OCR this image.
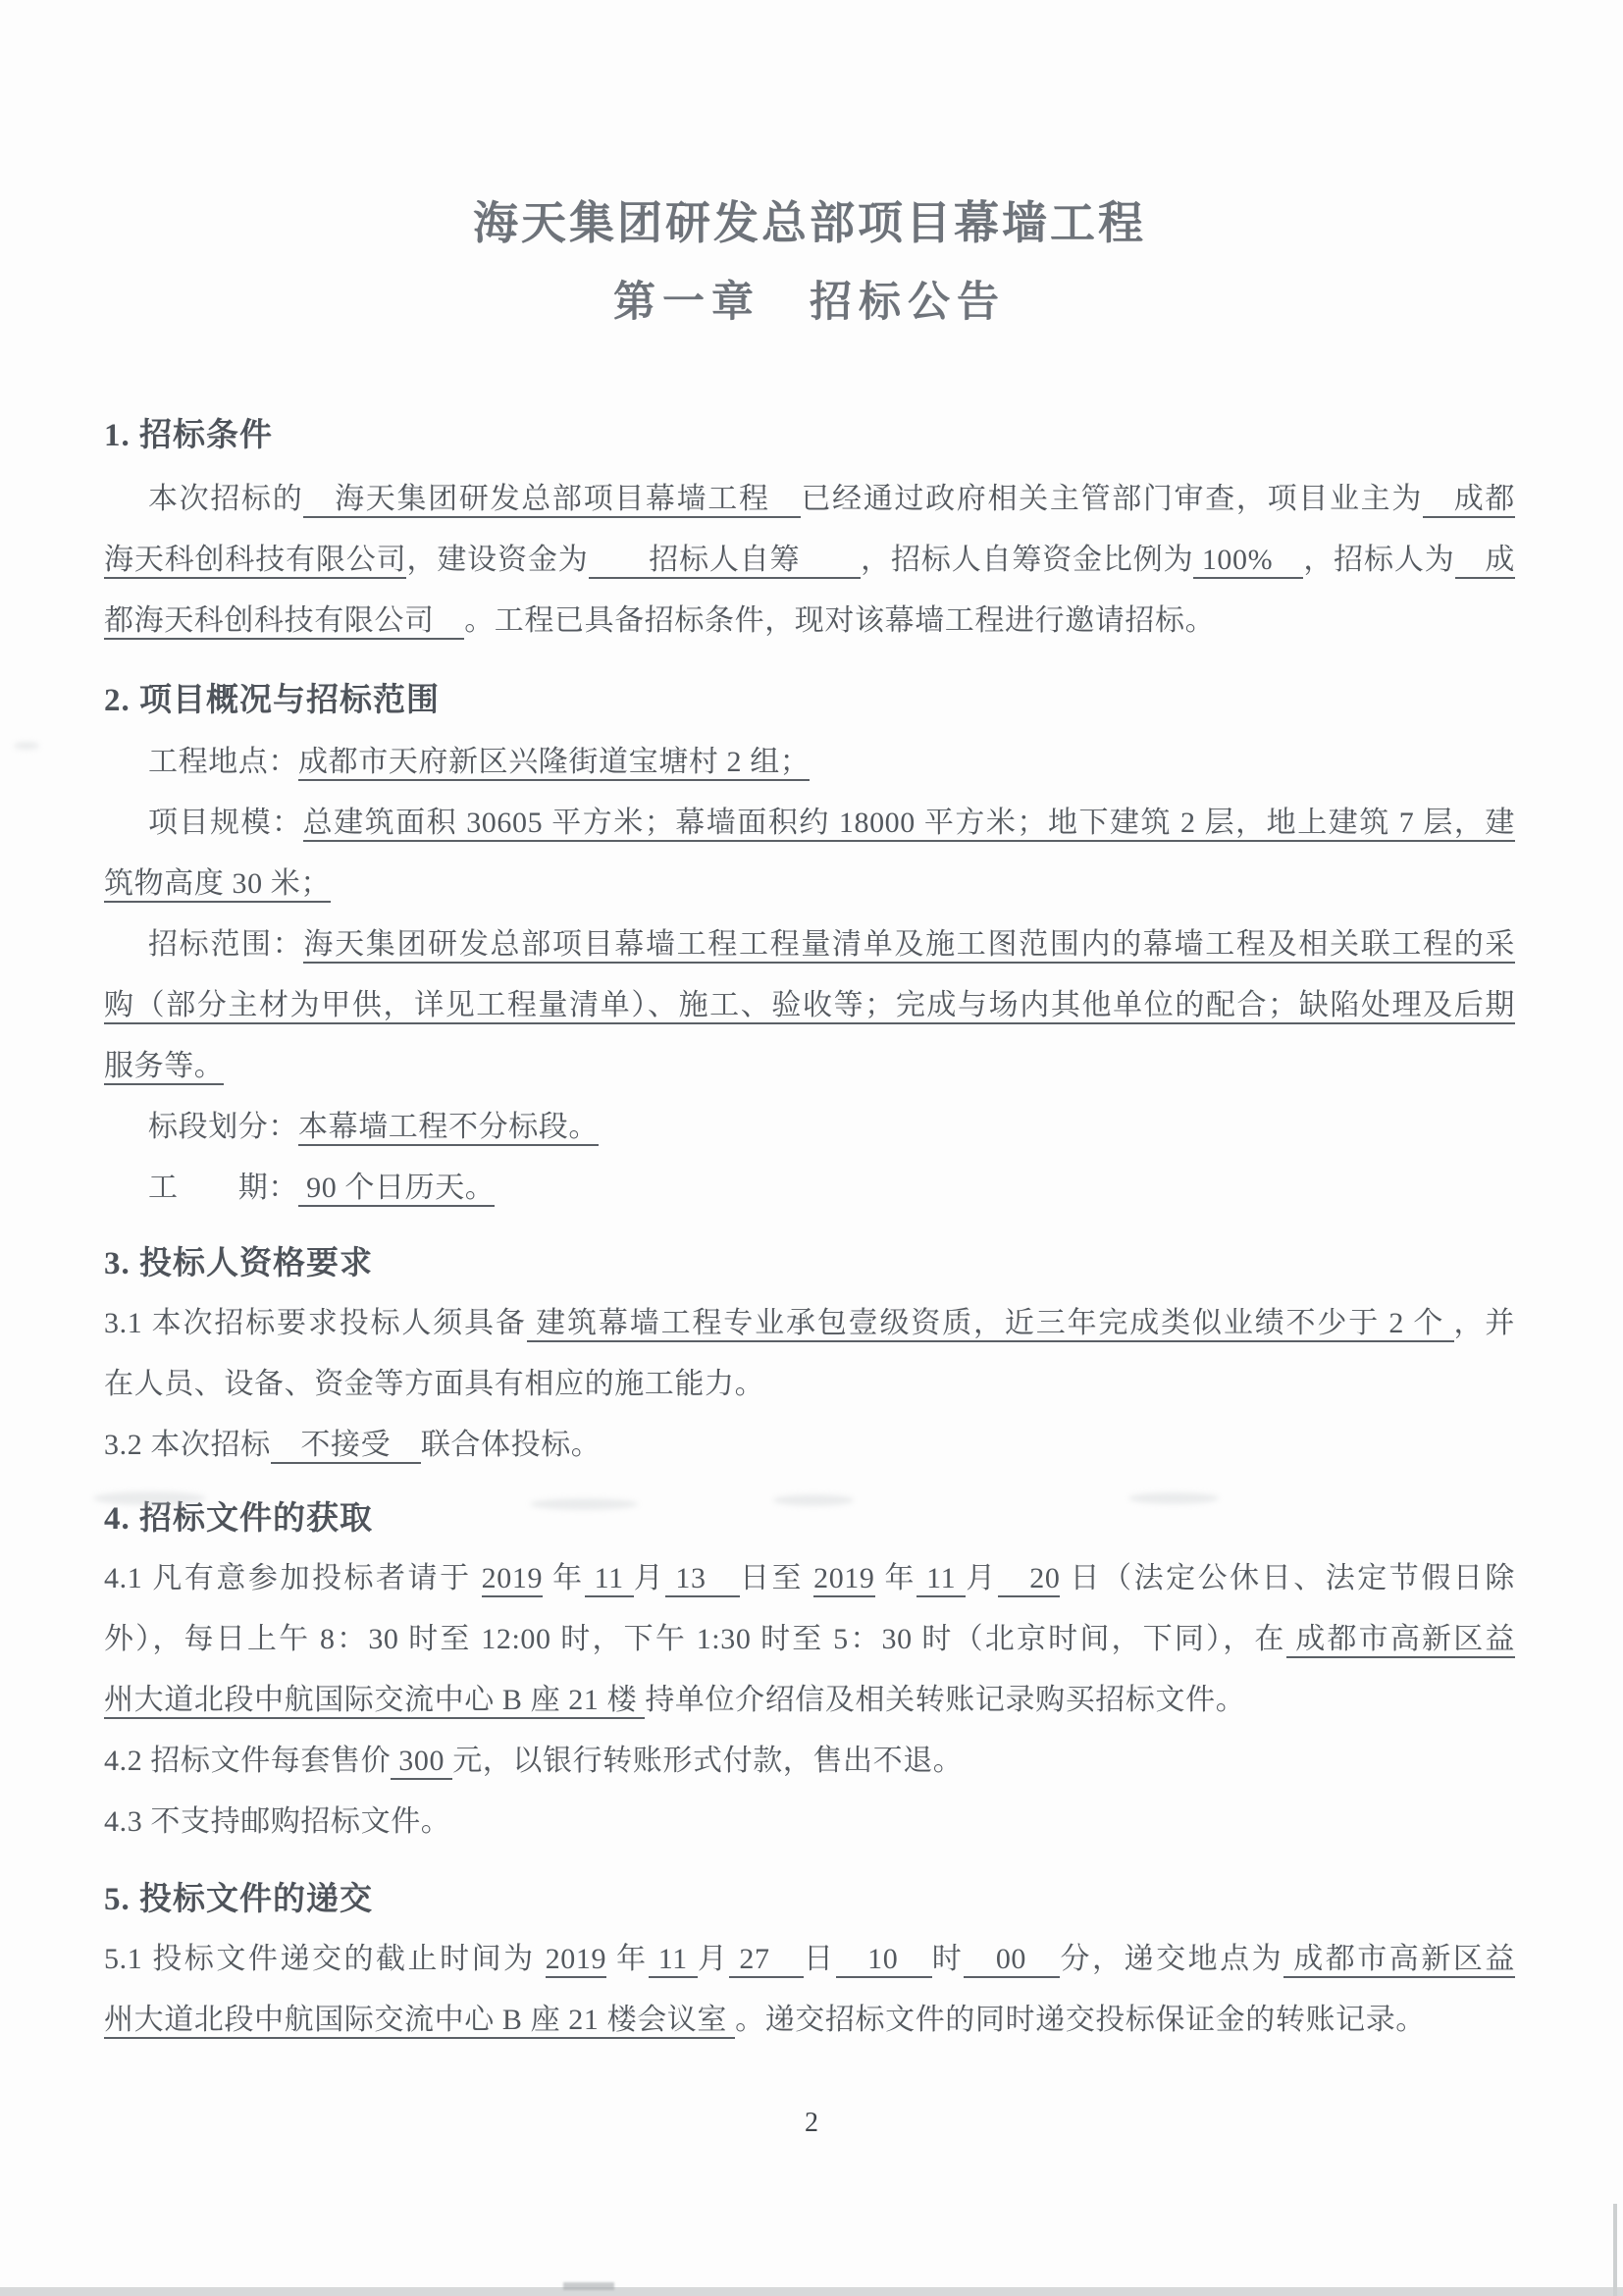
海天集团研发总部项目幕墙工程
第一章　招标公告
1. 招标条件

本次招标的　海天集团研发总部项目幕墙工程　已经通过政府相关主管部门审查，项目业主为　成都

海天科创科技有限公司，建设资金为　　招标人自筹　　，招标人自筹资金比例为 100%　，招标人为　成

都海天科创科技有限公司　。工程已具备招标条件，现对该幕墙工程进行邀请招标。

2. 项目概况与招标范围

工程地点：成都市天府新区兴隆街道宝塘村 2 组；

项目规模：总建筑面积 30605 平方米；幕墙面积约 18000 平方米；地下建筑 2 层，地上建筑 7 层，建

筑物高度 30 米；

招标范围：海天集团研发总部项目幕墙工程工程量清单及施工图范围内的幕墙工程及相关联工程的采

购（部分主材为甲供，详见工程量清单）、施工、验收等；完成与场内其他单位的配合；缺陷处理及后期

服务等。

标段划分：本幕墙工程不分标段。

工　　期： 90 个日历天。

3. 投标人资格要求

3.1 本次招标要求投标人须具备 建筑幕墙工程专业承包壹级资质，近三年完成类似业绩不少于 2 个 ，并

在人员、设备、资金等方面具有相应的施工能力。

3.2 本次招标　不接受　联合体投标。

4. 招标文件的获取

4.1 凡有意参加投标者请于 2019 年 11 月 13　日至 2019 年 11 月　20 日（法定公休日、法定节假日除

外），每日上午 8：30 时至 12:00 时，下午 1:30 时至 5：30 时（北京时间，下同），在 成都市高新区益

州大道北段中航国际交流中心 B 座 21 楼 持单位介绍信及相关转账记录购买招标文件。

4.2 招标文件每套售价 300 元，以银行转账形式付款，售出不退。

4.3 不支持邮购招标文件。

5. 投标文件的递交

5.1 投标文件递交的截止时间为 2019 年 11 月 27　日　10　时　00　分，递交地点为 成都市高新区益

州大道北段中航国际交流中心 B 座 21 楼会议室 。递交招标文件的同时递交投标保证金的转账记录。

2
